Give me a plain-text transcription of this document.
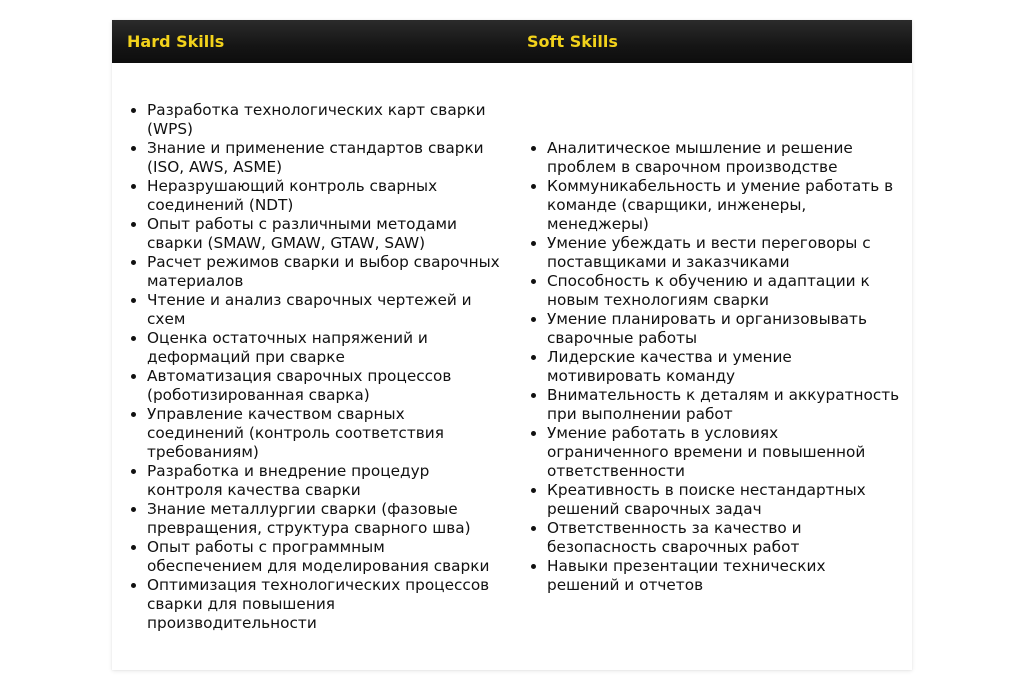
Hard Skills	Soft Skills
Разработка технологических карт сварки (WPS)
Знание и применение стандартов сварки (ISO, AWS, ASME)
Неразрушающий контроль сварных соединений (NDT)
Опыт работы с различными методами сварки (SMAW, GMAW, GTAW, SAW)
Расчет режимов сварки и выбор сварочных материалов
Чтение и анализ сварочных чертежей и схем
Оценка остаточных напряжений и деформаций при сварке
Автоматизация сварочных процессов (роботизированная сварка)
Управление качеством сварных соединений (контроль соответствия требованиям)
Разработка и внедрение процедур контроля качества сварки
Знание металлургии сварки (фазовые превращения, структура сварного шва)
Опыт работы с программным обеспечением для моделирования сварки
Оптимизация технологических процессов сварки для повышения производительности
Аналитическое мышление и решение проблем в сварочном производстве
Коммуникабельность и умение работать в команде (сварщики, инженеры, менеджеры)
Умение убеждать и вести переговоры с поставщиками и заказчиками
Способность к обучению и адаптации к новым технологиям сварки
Умение планировать и организовывать сварочные работы
Лидерские качества и умение мотивировать команду
Внимательность к деталям и аккуратность при выполнении работ
Умение работать в условиях ограниченного времени и повышенной ответственности
Креативность в поиске нестандартных решений сварочных задач
Ответственность за качество и безопасность сварочных работ
Навыки презентации технических решений и отчетов
